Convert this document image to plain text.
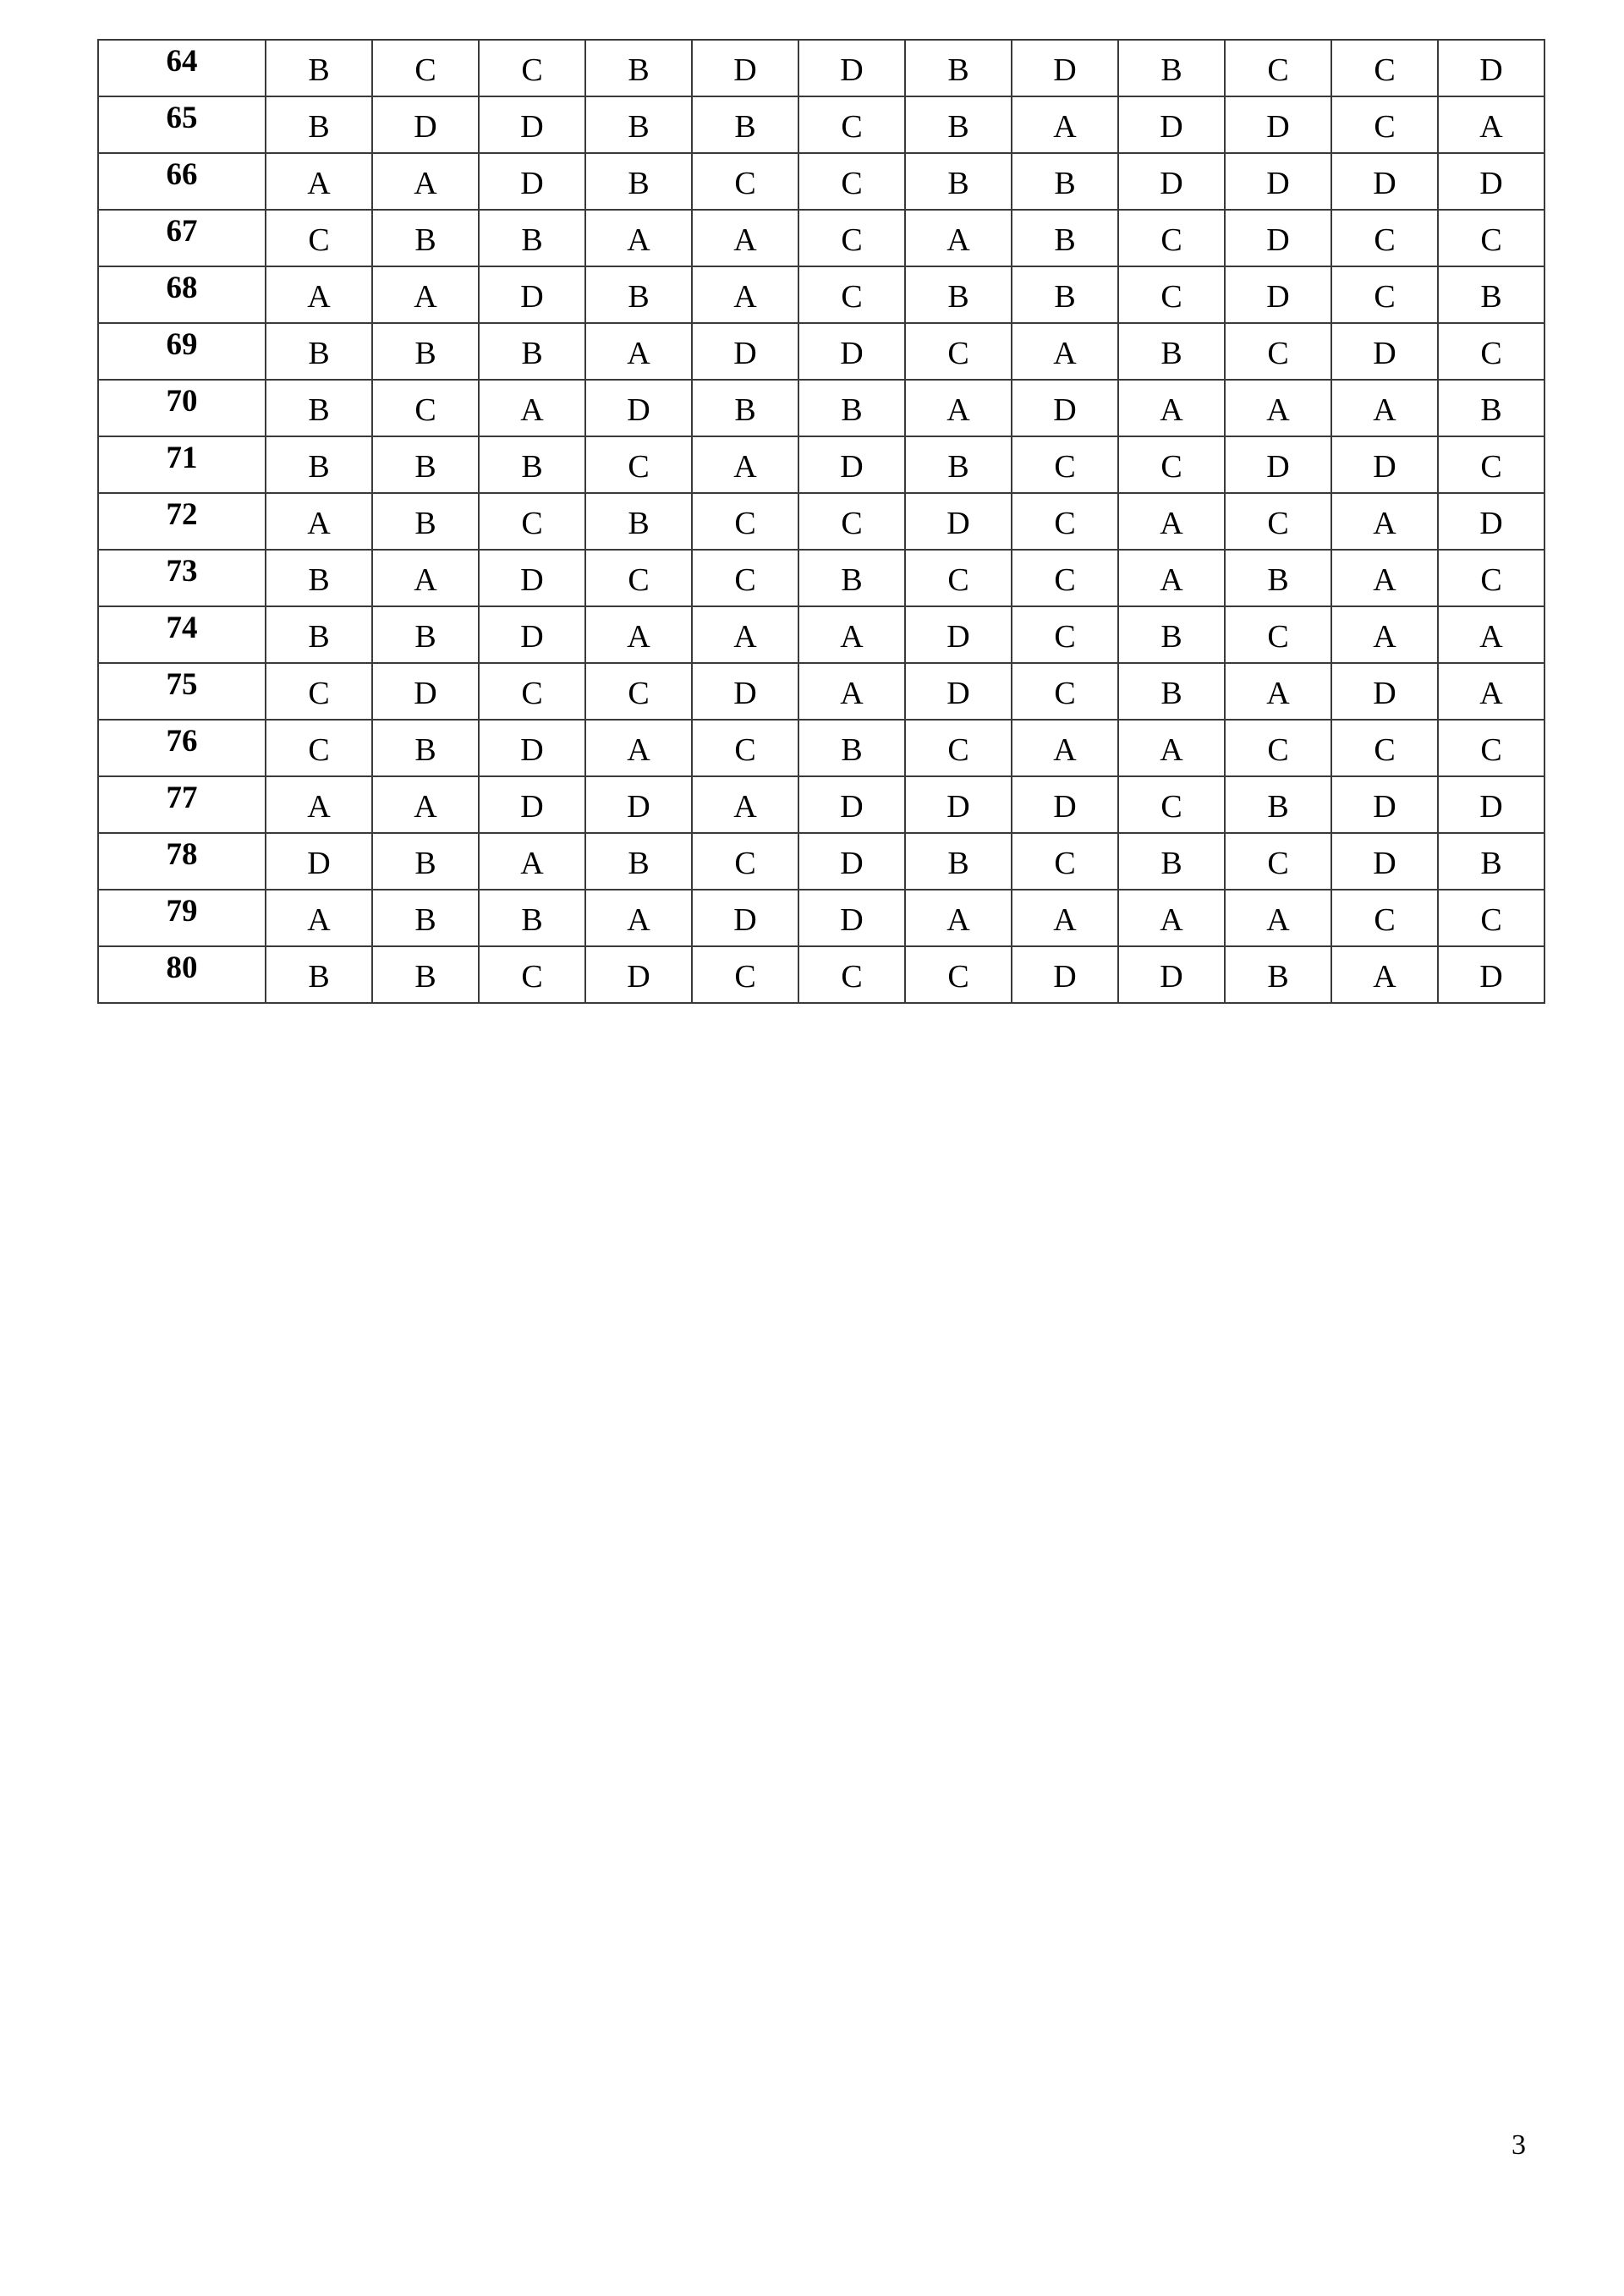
64	B	C	C	B	D	D	B	D	B	C	C	D
65	B	D	D	B	B	C	B	A	D	D	C	A
66	A	A	D	B	C	C	B	B	D	D	D	D
67	C	B	B	A	A	C	A	B	C	D	C	C
68	A	A	D	B	A	C	B	B	C	D	C	B
69	B	B	B	A	D	D	C	A	B	C	D	C
70	B	C	A	D	B	B	A	D	A	A	A	B
71	B	B	B	C	A	D	B	C	C	D	D	C
72	A	B	C	B	C	C	D	C	A	C	A	D
73	B	A	D	C	C	B	C	C	A	B	A	C
74	B	B	D	A	A	A	D	C	B	C	A	A
75	C	D	C	C	D	A	D	C	B	A	D	A
76	C	B	D	A	C	B	C	A	A	C	C	C
77	A	A	D	D	A	D	D	D	C	B	D	D
78	D	B	A	B	C	D	B	C	B	C	D	B
79	A	B	B	A	D	D	A	A	A	A	C	C
80	B	B	C	D	C	C	C	D	D	B	A	D
3
